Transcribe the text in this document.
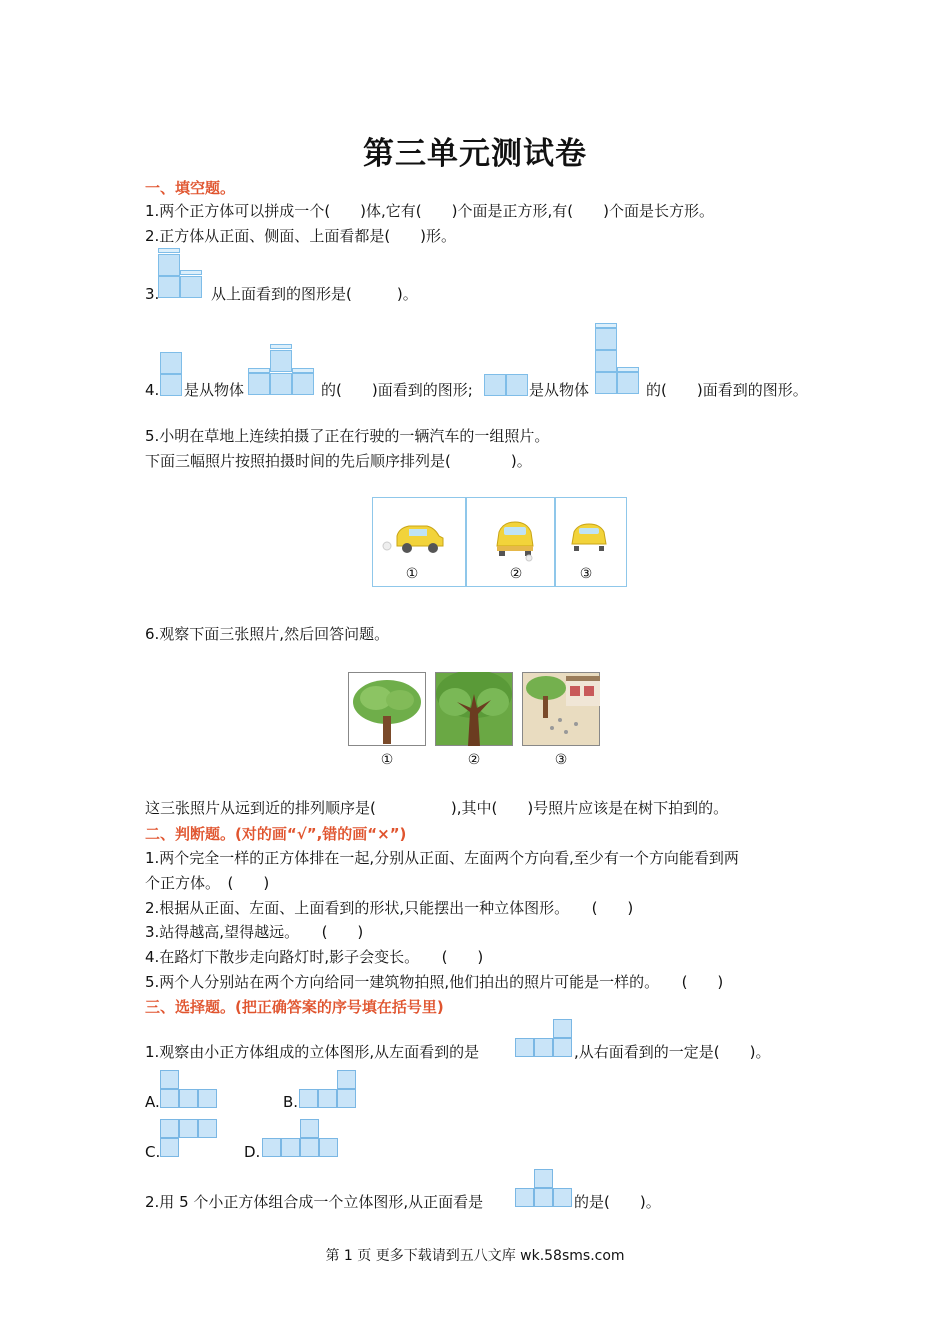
第三单元测试卷
一、填空题。
1.两个正方体可以拼成一个(　　)体,它有(　　)个面是正方形,有(　　)个面是长方形。
2.正方体从正面、侧面、上面看都是(　　)形。
3.	从上面看到的图形是(　　　)。
4. 是从物体	的(　　)面看到的图形;	是从物体	的(　　)面看到的图形。
5.小明在草地上连续拍摄了正在行驶的一辆汽车的一组照片。
下面三幅照片按照拍摄时间的先后顺序排列是(　　　　)。
①	②	③
6.观察下面三张照片,然后回答问题。
①	②	③
这三张照片从远到近的排列顺序是(　　　　　),其中(　　)号照片应该是在树下拍到的。
二、判断题。(对的画“√”,错的画“×”)
1.两个完全一样的正方体排在一起,分别从正面、左面两个方向看,至少有一个方向能看到两
个正方体。　(　　)
2.根据从正面、左面、上面看到的形状,只能摆出一种立体图形。　　(　　)
3.站得越高,望得越远。　　(　　)
4.在路灯下散步走向路灯时,影子会变长。　　(　　)
5.两个人分别站在两个方向给同一建筑物拍照,他们拍出的照片可能是一样的。　　(　　)
三、选择题。(把正确答案的序号填在括号里)
1.观察由小正方体组成的立体图形,从左面看到的是	,从右面看到的一定是(　　)。
A.	B.
C.	D.
2.用 5 个小正方体组合成一个立体图形,从正面看是	的是(　　)。
第 1 页 更多下载请到五八文库 wk.58sms.com
